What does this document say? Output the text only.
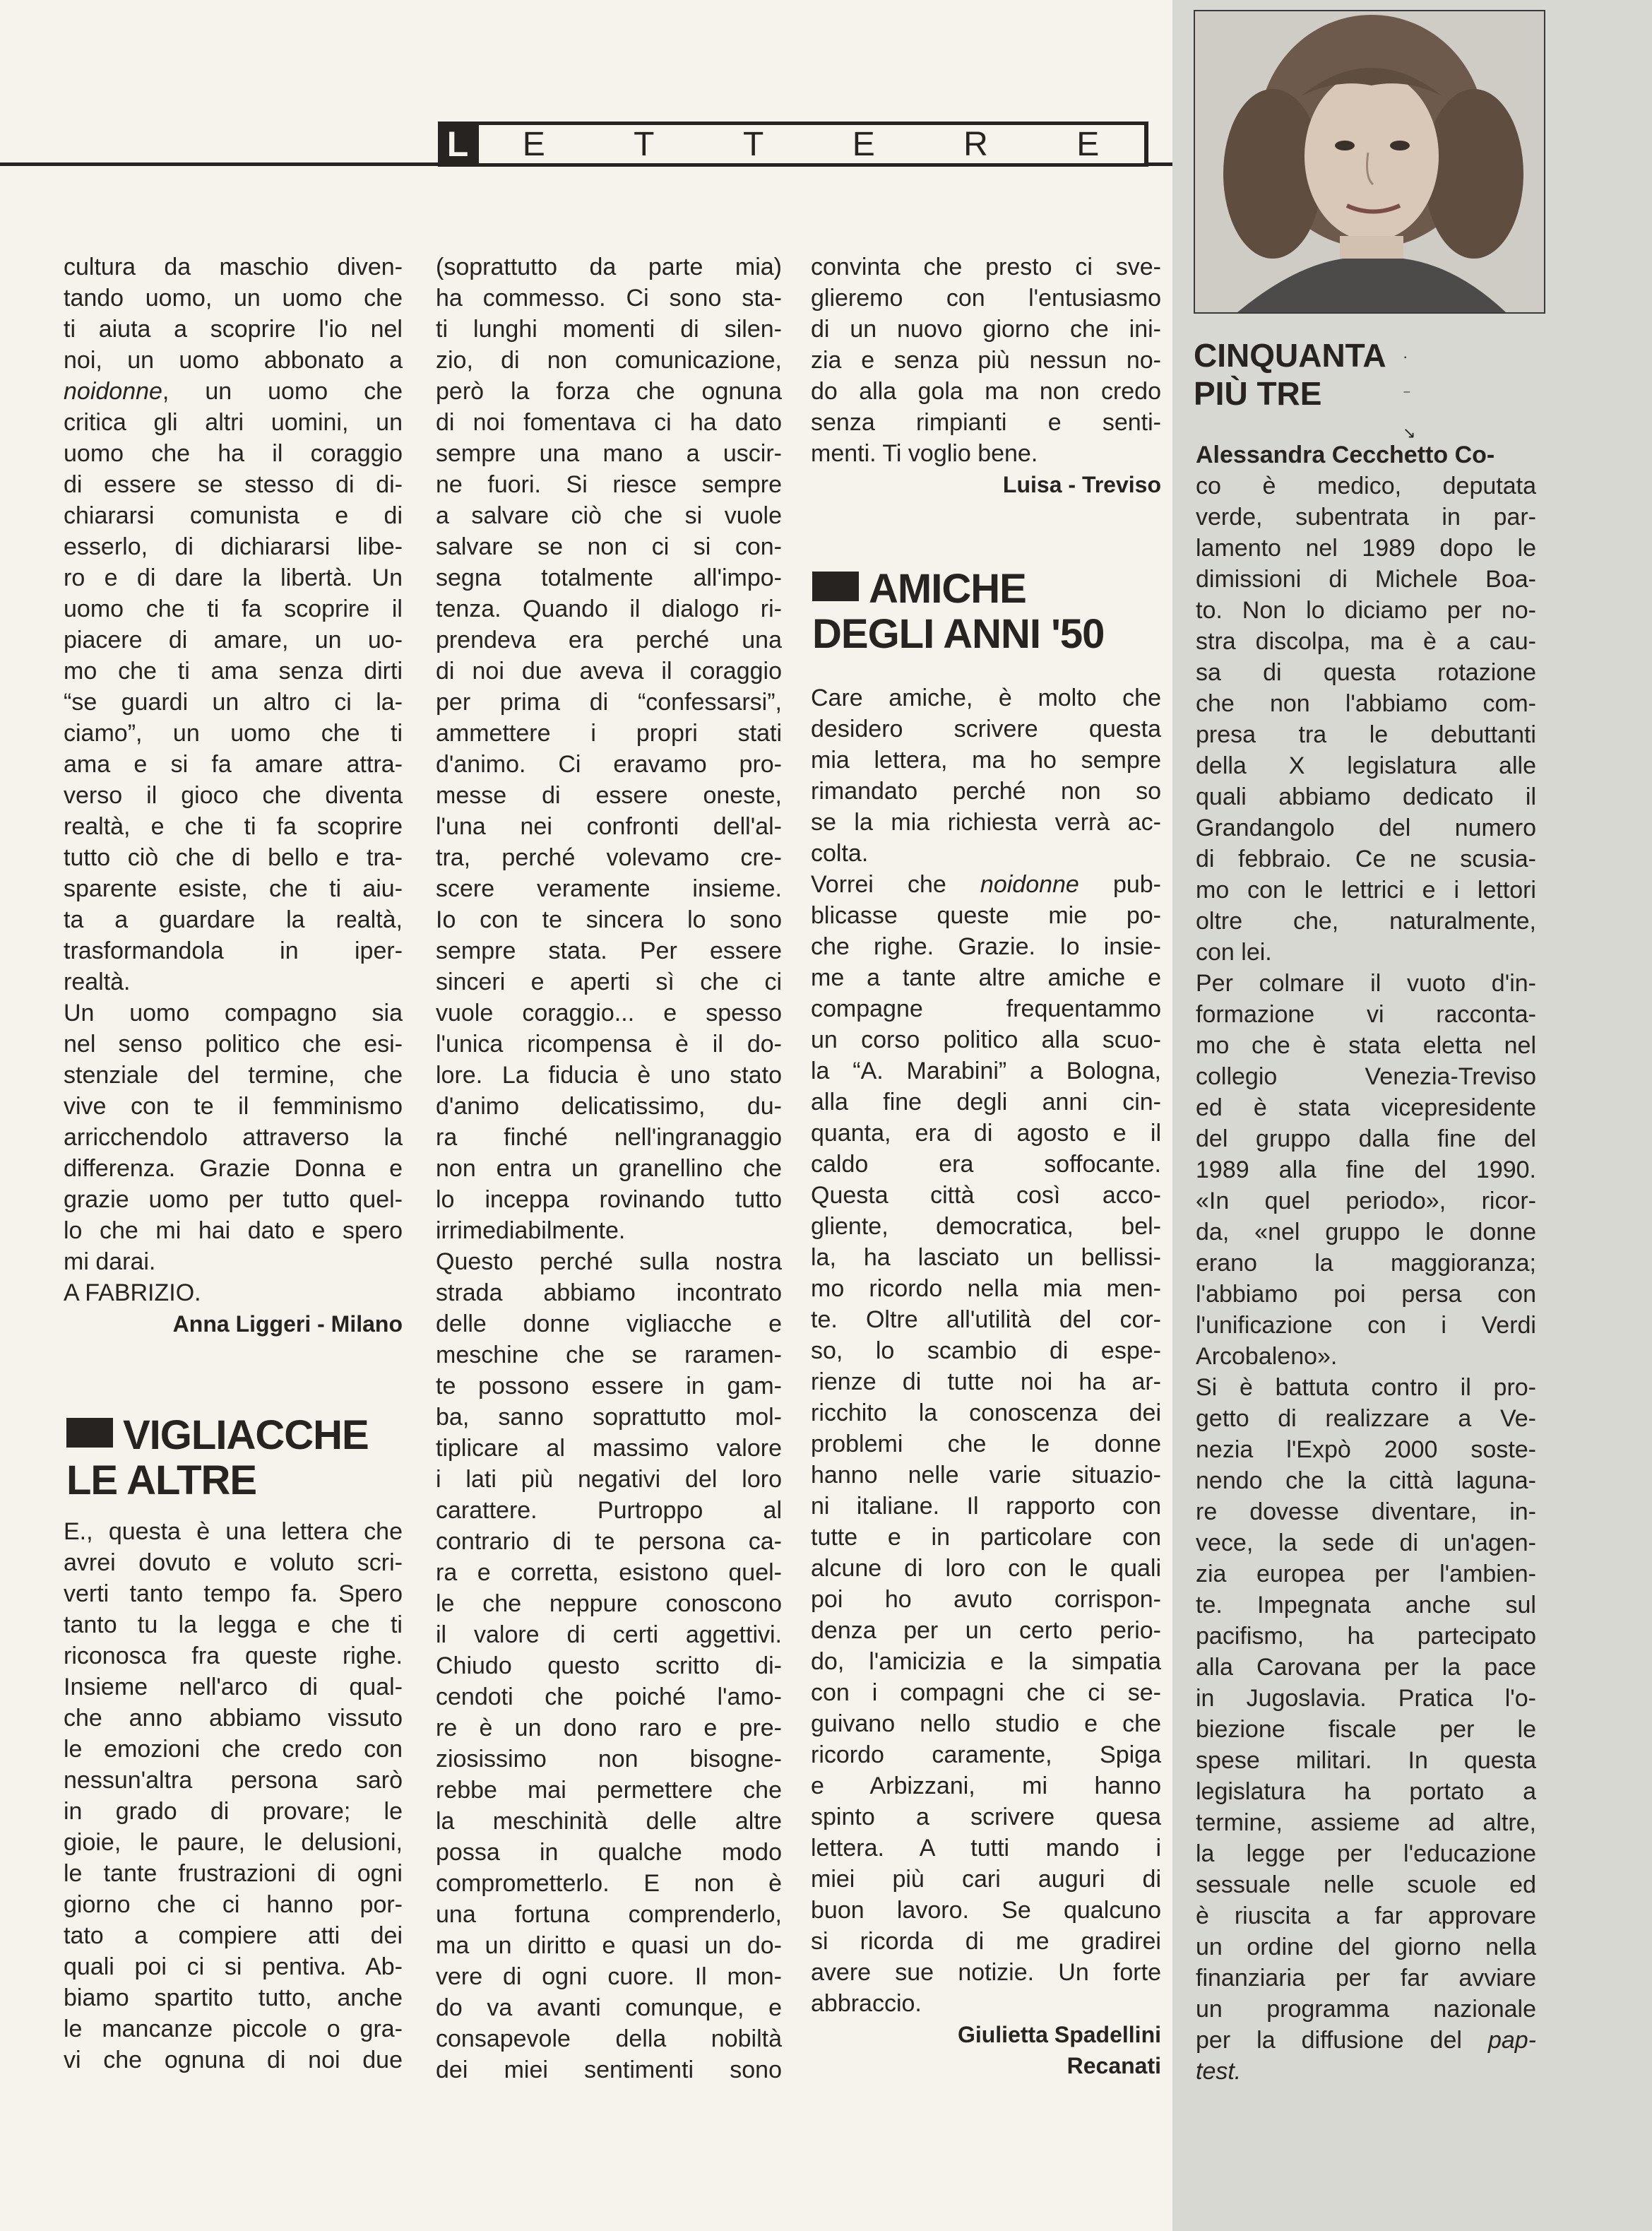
L E	T	T	E	R	E
cultura da maschio diven-
tando uomo, un uomo che
ti aiuta a scoprire l'io nel
noi, un uomo abbonato a
noidonne, un uomo che
critica gli altri uomini, un
uomo che ha il coraggio
di essere se stesso di di-
chiararsi comunista e di
esserlo, di dichiararsi libe-
ro e di dare la libertà. Un
uomo che ti fa scoprire il
piacere di amare, un uo-
mo che ti ama senza dirti
“se guardi un altro ci la-
ciamo”, un uomo che ti
ama e si fa amare attra-
verso il gioco che diventa
realtà, e che ti fa scoprire
tutto ciò che di bello e tra-
sparente esiste, che ti aiu-
ta a guardare la realtà,
trasformandola in iper-
realtà.
Un uomo compagno sia
nel senso politico che esi-
stenziale del termine, che
vive con te il femminismo
arricchendolo attraverso la
differenza. Grazie Donna e
grazie uomo per tutto quel-
lo che mi hai dato e spero
mi darai.
A FABRIZIO.
Anna Liggeri - Milano
VIGLIACCHE
LE ALTRE
E., questa è una lettera che
avrei dovuto e voluto scri-
verti tanto tempo fa. Spero
tanto tu la legga e che ti
riconosca fra queste righe.
Insieme nell'arco di qual-
che anno abbiamo vissuto
le emozioni che credo con
nessun'altra persona sarò
in grado di provare; le
gioie, le paure, le delusioni,
le tante frustrazioni di ogni
giorno che ci hanno por-
tato a compiere atti dei
quali poi ci si pentiva. Ab-
biamo spartito tutto, anche
le mancanze piccole o gra-
vi che ognuna di noi due
(soprattutto da parte mia)
ha commesso. Ci sono sta-
ti lunghi momenti di silen-
zio, di non comunicazione,
però la forza che ognuna
di noi fomentava ci ha dato
sempre una mano a uscir-
ne fuori. Si riesce sempre
a salvare ciò che si vuole
salvare se non ci si con-
segna totalmente all'impo-
tenza. Quando il dialogo ri-
prendeva era perché una
di noi due aveva il coraggio
per prima di “confessarsi”,
ammettere i propri stati
d'animo. Ci eravamo pro-
messe di essere oneste,
l'una nei confronti dell'al-
tra, perché volevamo cre-
scere veramente insieme.
Io con te sincera lo sono
sempre stata. Per essere
sinceri e aperti sì che ci
vuole coraggio... e spesso
l'unica ricompensa è il do-
lore. La fiducia è uno stato
d'animo delicatissimo, du-
ra finché nell'ingranaggio
non entra un granellino che
lo inceppa rovinando tutto
irrimediabilmente.
Questo perché sulla nostra
strada abbiamo incontrato
delle donne vigliacche e
meschine che se raramen-
te possono essere in gam-
ba, sanno soprattutto mol-
tiplicare al massimo valore
i lati più negativi del loro
carattere. Purtroppo al
contrario di te persona ca-
ra e corretta, esistono quel-
le che neppure conoscono
il valore di certi aggettivi.
Chiudo questo scritto di-
cendoti che poiché l'amo-
re è un dono raro e pre-
ziosissimo non bisogne-
rebbe mai permettere che
la meschinità delle altre
possa in qualche modo
comprometterlo. E non è
una fortuna comprenderlo,
ma un diritto e quasi un do-
vere di ogni cuore. Il mon-
do va avanti comunque, e
consapevole della nobiltà
dei miei sentimenti sono
convinta che presto ci sve-
glieremo con l'entusiasmo
di un nuovo giorno che ini-
zia e senza più nessun no-
do alla gola ma non credo
senza rimpianti e senti-
menti. Ti voglio bene.
Luisa - Treviso
AMICHE
DEGLI ANNI '50
Care amiche, è molto che
desidero scrivere questa
mia lettera, ma ho sempre
rimandato perché non so
se la mia richiesta verrà ac-
colta.
Vorrei che noidonne pub-
blicasse queste mie po-
che righe. Grazie. Io insie-
me a tante altre amiche e
compagne frequentammo
un corso politico alla scuo-
la “A. Marabini” a Bologna,
alla fine degli anni cin-
quanta, era di agosto e il
caldo era soffocante.
Questa città così acco-
gliente, democratica, bel-
la, ha lasciato un bellissi-
mo ricordo nella mia men-
te. Oltre all'utilità del cor-
so, lo scambio di espe-
rienze di tutte noi ha ar-
ricchito la conoscenza dei
problemi che le donne
hanno nelle varie situazio-
ni italiane. Il rapporto con
tutte e in particolare con
alcune di loro con le quali
poi ho avuto corrispon-
denza per un certo perio-
do, l'amicizia e la simpatia
con i compagni che ci se-
guivano nello studio e che
ricordo caramente, Spiga
e Arbizzani, mi hanno
spinto a scrivere quesa
lettera. A tutti mando i
miei più cari auguri di
buon lavoro. Se qualcuno
si ricorda di me gradirei
avere sue notizie. Un forte
abbraccio.
Giulietta Spadellini
Recanati
CINQUANTA
PIÙ TRE
· ⁻ ↘
Alessandra Cecchetto Co-
co è medico, deputata
verde, subentrata in par-
lamento nel 1989 dopo le
dimissioni di Michele Boa-
to. Non lo diciamo per no-
stra discolpa, ma è a cau-
sa di questa rotazione
che non l'abbiamo com-
presa tra le debuttanti
della X legislatura alle
quali abbiamo dedicato il
Grandangolo del numero
di febbraio. Ce ne scusia-
mo con le lettrici e i lettori
oltre che, naturalmente,
con lei.
Per colmare il vuoto d'in-
formazione vi racconta-
mo che è stata eletta nel
collegio Venezia-Treviso
ed è stata vicepresidente
del gruppo dalla fine del
1989 alla fine del 1990.
«In quel periodo», ricor-
da, «nel gruppo le donne
erano la maggioranza;
l'abbiamo poi persa con
l'unificazione con i Verdi
Arcobaleno».
Si è battuta contro il pro-
getto di realizzare a Ve-
nezia l'Expò 2000 soste-
nendo che la città laguna-
re dovesse diventare, in-
vece, la sede di un'agen-
zia europea per l'ambien-
te. Impegnata anche sul
pacifismo, ha partecipato
alla Carovana per la pace
in Jugoslavia. Pratica l'o-
biezione fiscale per le
spese militari. In questa
legislatura ha portato a
termine, assieme ad altre,
la legge per l'educazione
sessuale nelle scuole ed
è riuscita a far approvare
un ordine del giorno nella
finanziaria per far avviare
un programma nazionale
per la diffusione del pap-
test.
